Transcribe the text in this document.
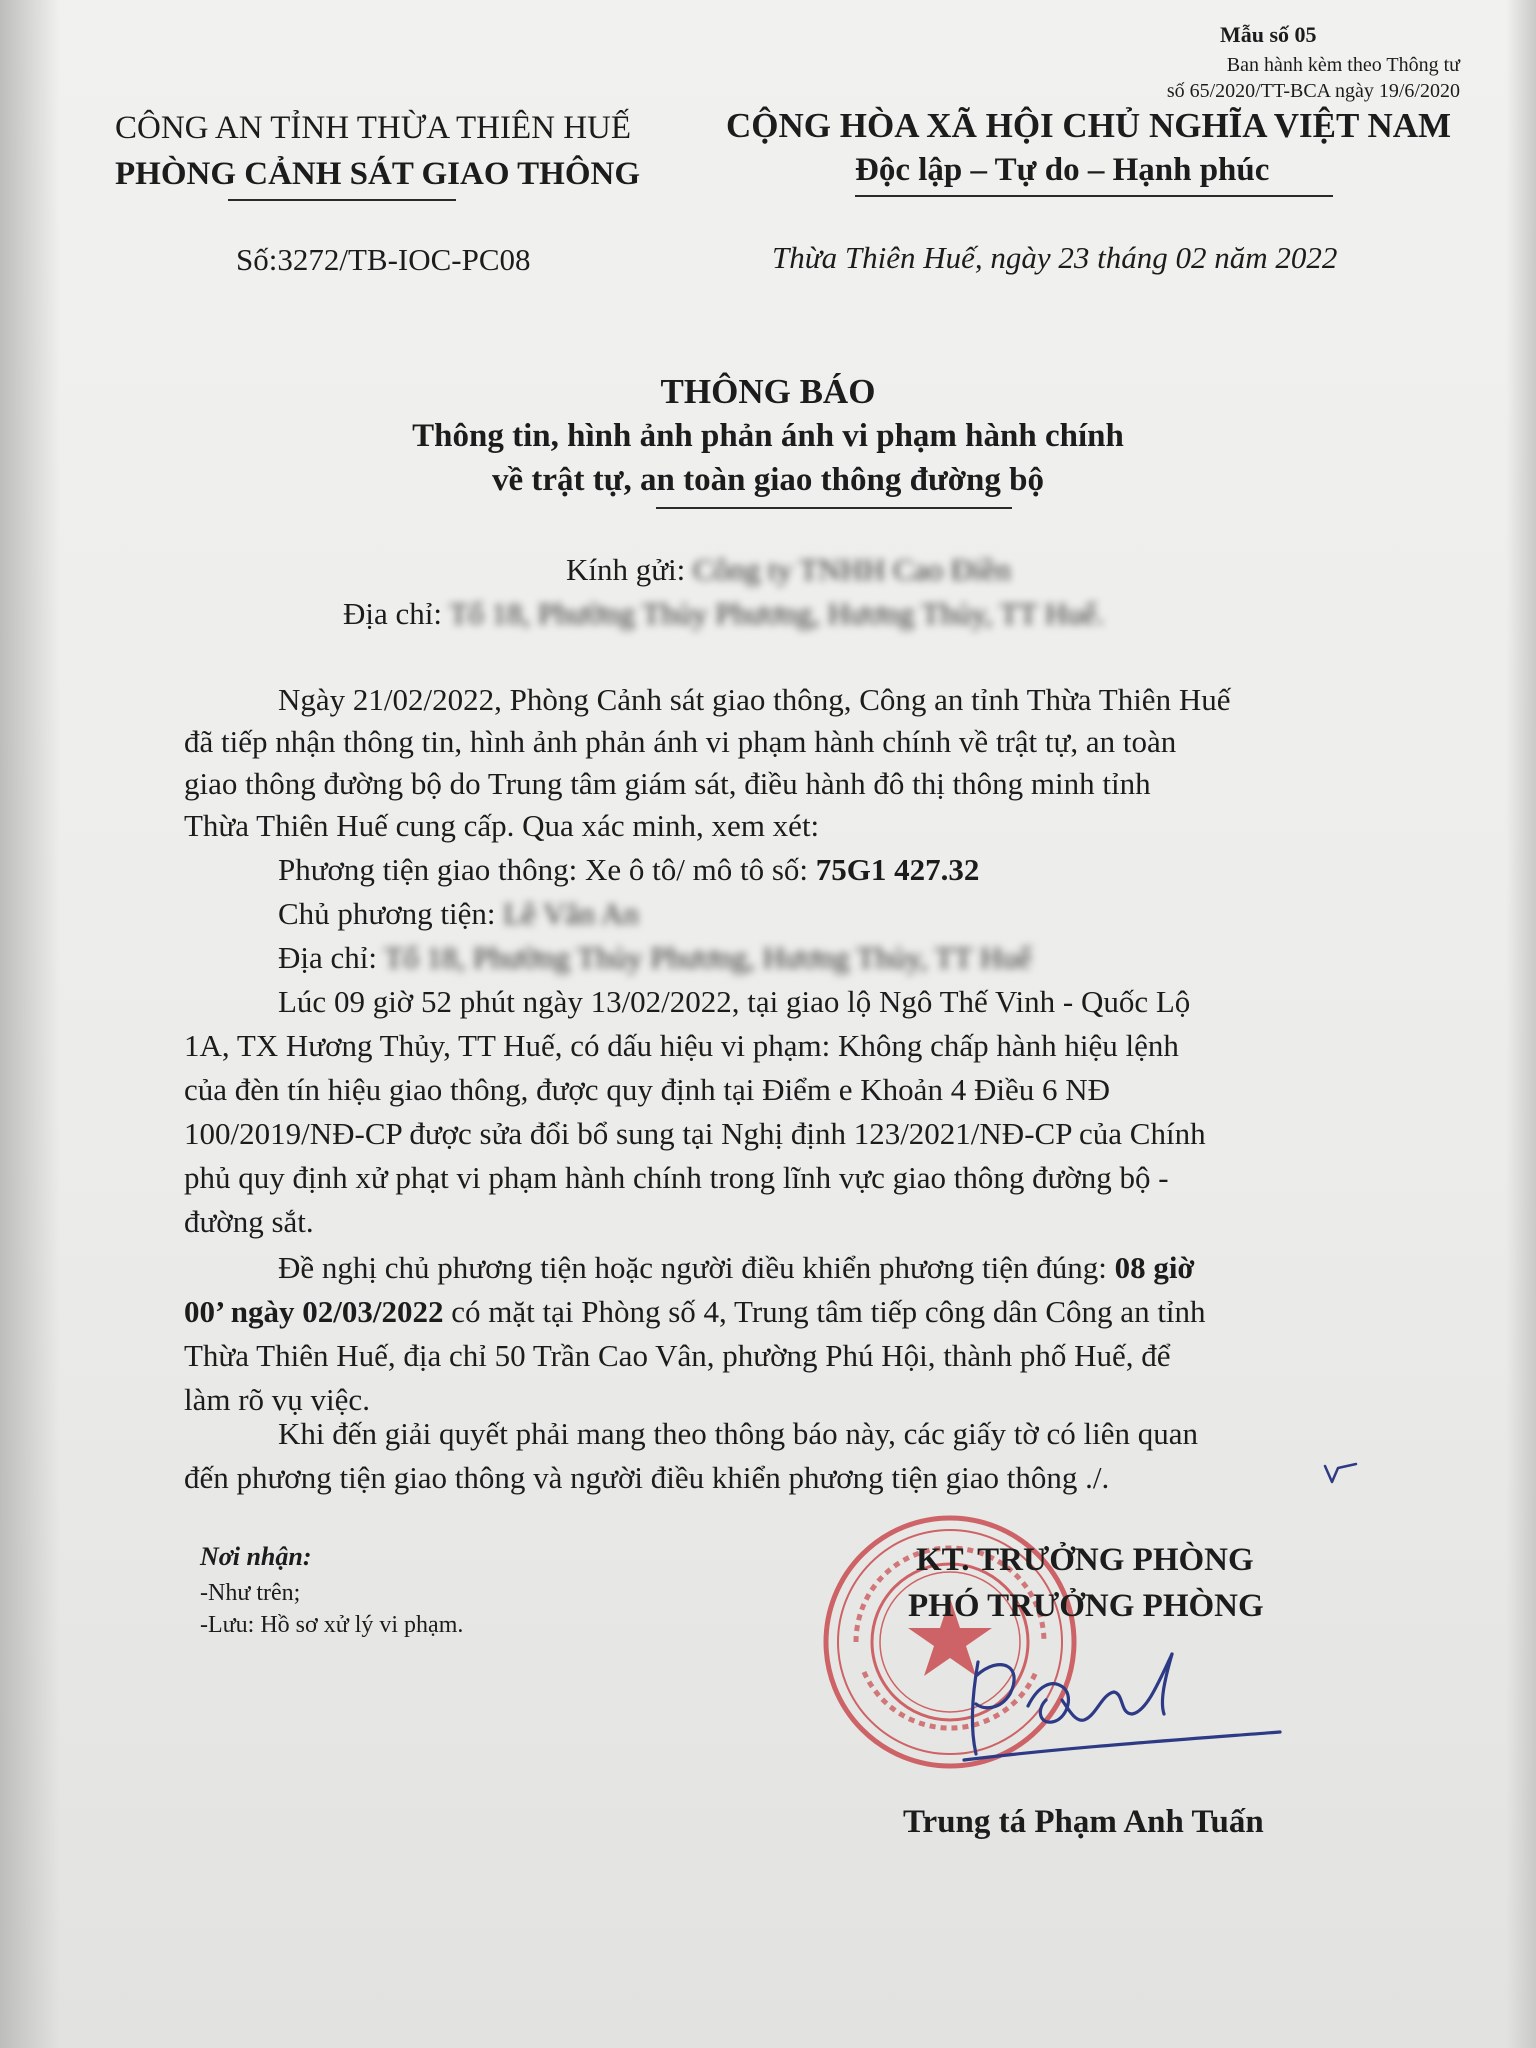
Mẫu số 05
Ban hành kèm theo Thông tư
số 65/2020/TT-BCA ngày 19/6/2020
CÔNG AN TỈNH THỪA THIÊN HUẾ
PHÒNG CẢNH SÁT GIAO THÔNG
CỘNG HÒA XÃ HỘI CHỦ NGHĨA VIỆT NAM
Độc lập – Tự do – Hạnh phúc
Số:3272/TB-IOC-PC08	Thừa Thiên Huế, ngày 23 tháng 02 năm 2022
THÔNG BÁO
Thông tin, hình ảnh phản ánh vi phạm hành chính
về trật tự, an toàn giao thông đường bộ
Kính gửi: Công ty TNHH Cao Điền
Địa chỉ: Tổ 18, Phường Thủy Phương, Hương Thủy, TT Huế.
Ngày 21/02/2022, Phòng Cảnh sát giao thông, Công an tỉnh Thừa Thiên Huế
đã tiếp nhận thông tin, hình ảnh phản ánh vi phạm hành chính về trật tự, an toàn
giao thông đường bộ do Trung tâm giám sát, điều hành đô thị thông minh tỉnh
Thừa Thiên Huế cung cấp. Qua xác minh, xem xét:
Phương tiện giao thông: Xe ô tô/ mô tô số: 75G1 427.32
Chủ phương tiện: Lê Văn An
Địa chỉ: Tổ 18, Phường Thủy Phương, Hương Thủy, TT Huế
Lúc 09 giờ 52 phút ngày 13/02/2022, tại giao lộ Ngô Thế Vinh - Quốc Lộ
1A, TX Hương Thủy, TT Huế, có dấu hiệu vi phạm: Không chấp hành hiệu lệnh
của đèn tín hiệu giao thông, được quy định tại Điểm e Khoản 4 Điều 6 NĐ
100/2019/NĐ-CP được sửa đổi bổ sung tại Nghị định 123/2021/NĐ-CP của Chính
phủ quy định xử phạt vi phạm hành chính trong lĩnh vực giao thông đường bộ -
đường sắt.
Đề nghị chủ phương tiện hoặc người điều khiển phương tiện đúng: 08 giờ
00’ ngày 02/03/2022 có mặt tại Phòng số 4, Trung tâm tiếp công dân Công an tỉnh
Thừa Thiên Huế, địa chỉ 50 Trần Cao Vân, phường Phú Hội, thành phố Huế, để
làm rõ vụ việc.
Khi đến giải quyết phải mang theo thông báo này, các giấy tờ có liên quan
đến phương tiện giao thông và người điều khiển phương tiện giao thông ./.
Nơi nhận:
-Như trên;
-Lưu: Hồ sơ xử lý vi phạm.
KT. TRƯỞNG PHÒNG
PHÓ TRƯỞNG PHÒNG
Trung tá Phạm Anh Tuấn
